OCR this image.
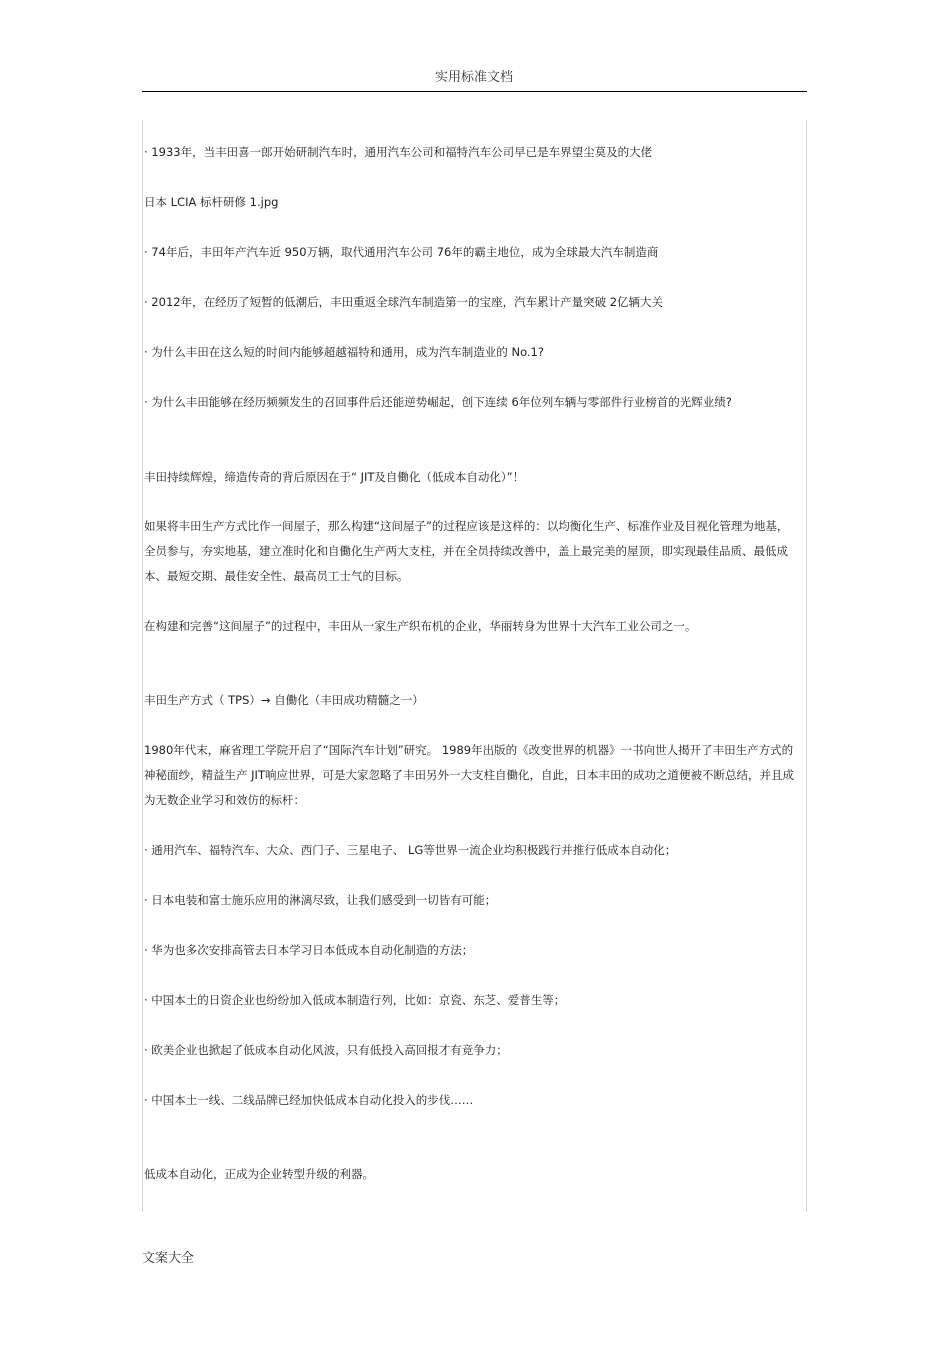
实用标准文档
· 1933年，当丰田喜一郎开始研制汽车时，通用汽车公司和福特汽车公司早已是车界望尘莫及的大佬
日本 LCIA 标杆研修 1.jpg
· 74年后，丰田年产汽车近 950万辆，取代通用汽车公司 76年的霸主地位，成为全球最大汽车制造商
· 2012年，在经历了短暂的低潮后，丰田重返全球汽车制造第一的宝座，汽车累计产量突破 2亿辆大关
· 为什么丰田在这么短的时间内能够超越福特和通用，成为汽车制造业的 No.1?
· 为什么丰田能够在经历频频发生的召回事件后还能逆势崛起，创下连续 6年位列车辆与零部件行业榜首的光辉业绩?
丰田持续辉煌，缔造传奇的背后原因在于“ JIT及自働化（低成本自动化）”！
如果将丰田生产方式比作一间屋子，那么构建“这间屋子”的过程应该是这样的：以均衡化生产、标准作业及目视化管理为地基，全员参与，夯实地基，建立准时化和自働化生产两大支柱，并在全员持续改善中，盖上最完美的屋顶，即实现最佳品质、最低成本、最短交期、最佳安全性、最高员工士气的目标。
在构建和完善“这间屋子”的过程中，丰田从一家生产织布机的企业，华丽转身为世界十大汽车工业公司之一。
丰田生产方式（ TPS）→ 自働化（丰田成功精髓之一）
1980年代末，麻省理工学院开启了“国际汽车计划”研究。 1989年出版的《改变世界的机器》一书向世人揭开了丰田生产方式的神秘面纱，精益生产 JIT响应世界，可是大家忽略了丰田另外一大支柱自働化，自此，日本丰田的成功之道便被不断总结，并且成为无数企业学习和效仿的标杆：
· 通用汽车、福特汽车、大众、西门子、三星电子、 LG等世界一流企业均积极践行并推行低成本自动化；
· 日本电装和富士施乐应用的淋漓尽致，让我们感受到一切皆有可能；
· 华为也多次安排高管去日本学习日本低成本自动化制造的方法；
· 中国本土的日资企业也纷纷加入低成本制造行列，比如：京瓷、东芝、爱普生等；
· 欧美企业也掀起了低成本自动化风波，只有低投入高回报才有竞争力；
· 中国本土一线、二线品牌已经加快低成本自动化投入的步伐……
低成本自动化，正成为企业转型升级的利器。
文案大全
